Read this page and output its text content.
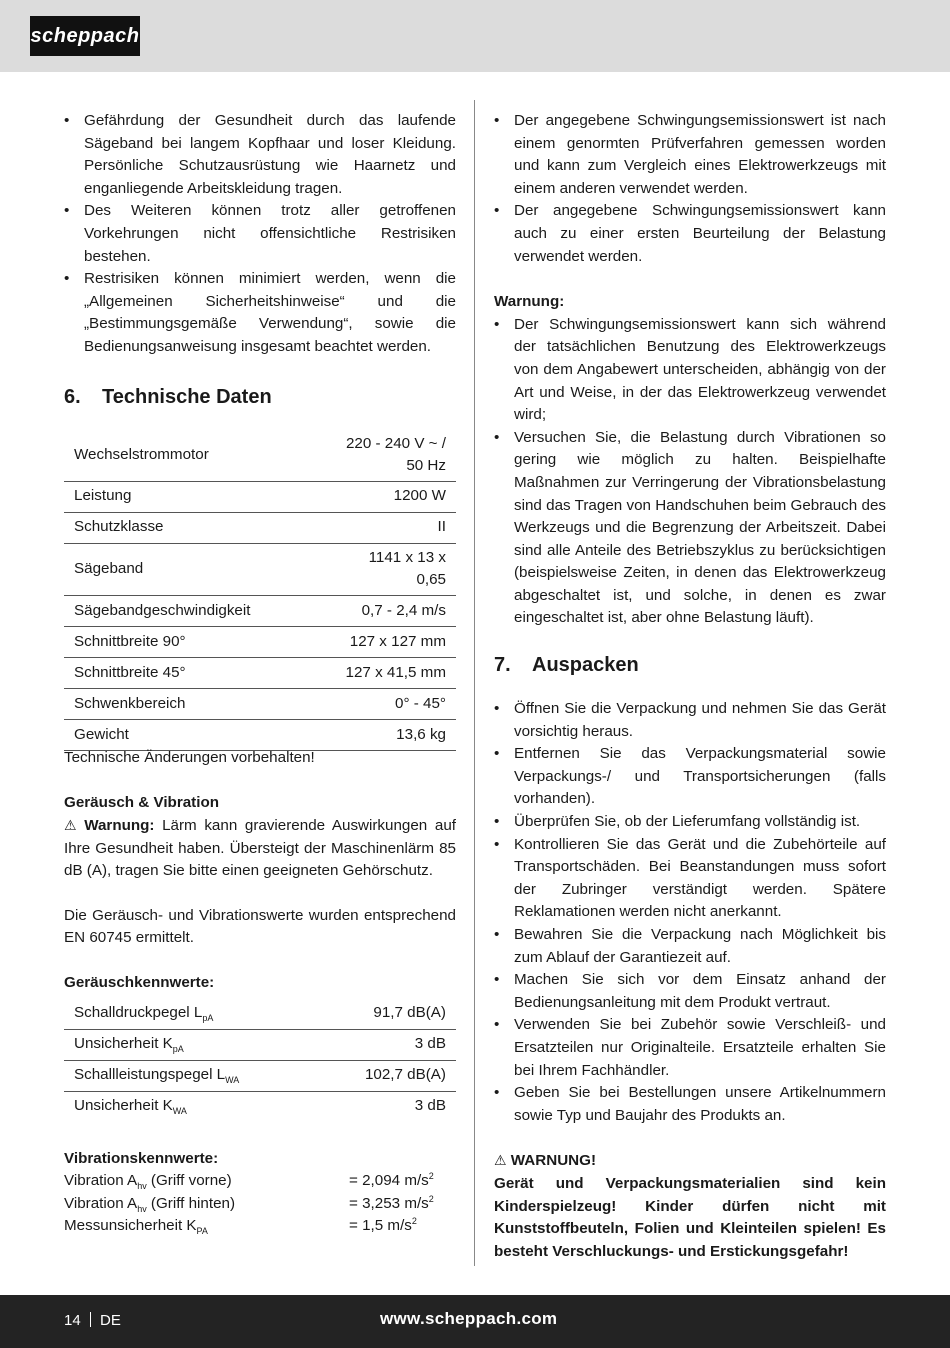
scheppach
• Gefährdung der Gesundheit durch das laufende Sägeband bei langem Kopfhaar und loser Kleidung. Persönliche Schutzausrüstung wie Haarnetz und enganliegende Arbeitskleidung tragen.
• Des Weiteren können trotz aller getroffenen Vorkehrungen nicht offensichtliche Restrisiken bestehen.
• Restrisiken können minimiert werden, wenn die „Allgemeinen Sicherheitshinweise“ und die „Bestimmungsgemäße Verwendung“, sowie die Bedienungsanweisung insgesamt beachtet werden.
6. Technische Daten
Wechselstrommotor	220 - 240 V ~ / 50 Hz
Leistung	1200 W
Schutzklasse	II
Sägeband	1141 x 13 x 0,65
Sägebandgeschwindigkeit	0,7 - 2,4 m/s
Schnittbreite 90°	127 x 127 mm
Schnittbreite 45°	127 x 41,5 mm
Schwenkbereich	0° - 45°
Gewicht	13,6 kg
Technische Änderungen vorbehalten!
Geräusch & Vibration
⚠ Warnung: Lärm kann gravierende Auswirkungen auf Ihre Gesundheit haben. Übersteigt der Maschinenlärm 85 dB (A), tragen Sie bitte einen geeigneten Gehörschutz.
Die Geräusch- und Vibrationswerte wurden entsprechend EN 60745 ermittelt.
Geräuschkennwerte:
Schalldruckpegel $L_{pA}$	91,7 dB(A)
Unsicherheit $K_{pA}$	3 dB
Schallleistungspegel $L_{WA}$	102,7 dB(A)
Unsicherheit $K_{WA}$	3 dB
Vibrationskennwerte:
Vibration $A_{hv}$ (Griff vorne)	= 2,094 $m/s^2$
Vibration $A_{hv}$ (Griff hinten)	= 3,253 $m/s^2$
Messunsicherheit $K_{PA}$	= 1,5 $m/s^2$
• Der angegebene Schwingungsemissionswert ist nach einem genormten Prüfverfahren gemessen worden und kann zum Vergleich eines Elektrowerkzeugs mit einem anderen verwendet werden.
• Der angegebene Schwingungsemissionswert kann auch zu einer ersten Beurteilung der Belastung verwendet werden.
Warnung:
• Der Schwingungsemissionswert kann sich während der tatsächlichen Benutzung des Elektrowerkzeugs von dem Angabewert unterscheiden, abhängig von der Art und Weise, in der das Elektrowerkzeug verwendet wird;
• Versuchen Sie, die Belastung durch Vibrationen so gering wie möglich zu halten. Beispielhafte Maßnahmen zur Verringerung der Vibrationsbelastung sind das Tragen von Handschuhen beim Gebrauch des Werkzeugs und die Begrenzung der Arbeitszeit. Dabei sind alle Anteile des Betriebszyklus zu berücksichtigen (beispielsweise Zeiten, in denen das Elektrowerkzeug abgeschaltet ist, und solche, in denen es zwar eingeschaltet ist, aber ohne Belastung läuft).
7. Auspacken
• Öffnen Sie die Verpackung und nehmen Sie das Gerät vorsichtig heraus.
• Entfernen Sie das Verpackungsmaterial sowie Verpackungs-/ und Transportsicherungen (falls vorhanden).
• Überprüfen Sie, ob der Lieferumfang vollständig ist.
• Kontrollieren Sie das Gerät und die Zubehörteile auf Transportschäden. Bei Beanstandungen muss sofort der Zubringer verständigt werden. Spätere Reklamationen werden nicht anerkannt.
• Bewahren Sie die Verpackung nach Möglichkeit bis zum Ablauf der Garantiezeit auf.
• Machen Sie sich vor dem Einsatz anhand der Bedienungsanleitung mit dem Produkt vertraut.
• Verwenden Sie bei Zubehör sowie Verschleiß- und Ersatzteilen nur Originalteile. Ersatzteile erhalten Sie bei Ihrem Fachhändler.
• Geben Sie bei Bestellungen unsere Artikelnummern sowie Typ und Baujahr des Produkts an.
⚠ WARNUNG!
Gerät und Verpackungsmaterialien sind kein Kinderspielzeug! Kinder dürfen nicht mit Kunststoffbeuteln, Folien und Kleinteilen spielen! Es besteht Verschluckungs- und Erstickungsgefahr!
14 DE	www.scheppach.com
